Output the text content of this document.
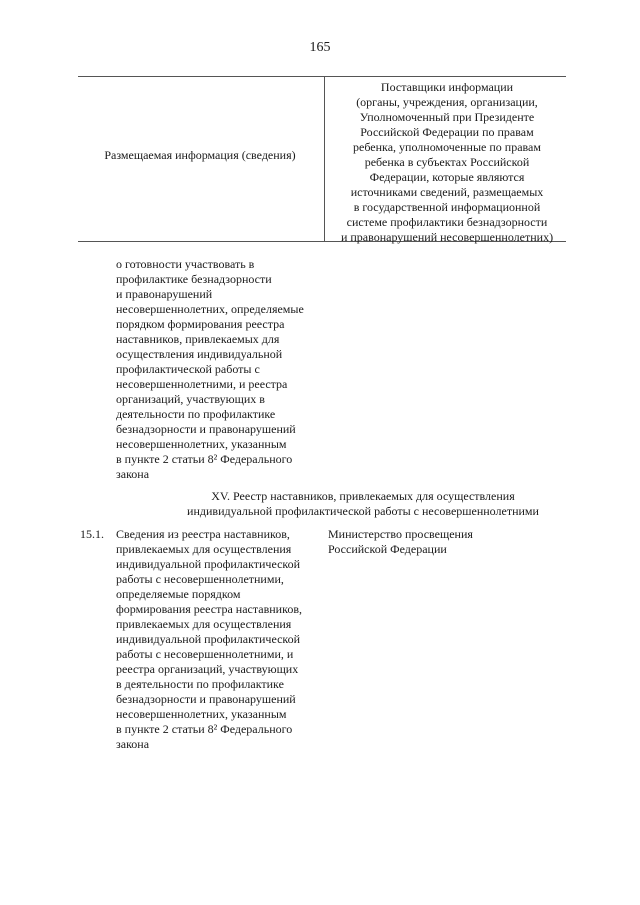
165
Размещаемая информация (сведения)
Поставщики информации
(органы, учреждения, организации,
Уполномоченный при Президенте
Российской Федерации по правам
ребенка, уполномоченные по правам
ребенка в субъектах Российской
Федерации, которые являются
источниками сведений, размещаемых
в государственной информационной
системе профилактики безнадзорности
и правонарушений несовершеннолетних)
о готовности участвовать в
профилактике безнадзорности
и правонарушений
несовершеннолетних, определяемые
порядком формирования реестра
наставников, привлекаемых для
осуществления индивидуальной
профилактической работы с
несовершеннолетними, и реестра
организаций, участвующих в
деятельности по профилактике
безнадзорности и правонарушений
несовершеннолетних, указанным
в пункте 2 статьи 8² Федерального
закона
XV. Реестр наставников, привлекаемых для осуществления
индивидуальной профилактической работы с несовершеннолетними
15.1. Сведения из реестра наставников,
привлекаемых для осуществления
индивидуальной профилактической
работы с несовершеннолетними,
определяемые порядком
формирования реестра наставников,
привлекаемых для осуществления
индивидуальной профилактической
работы с несовершеннолетними, и
реестра организаций, участвующих
в деятельности по профилактике
безнадзорности и правонарушений
несовершеннолетних, указанным
в пункте 2 статьи 8² Федерального
закона
Министерство просвещения
Российской Федерации
